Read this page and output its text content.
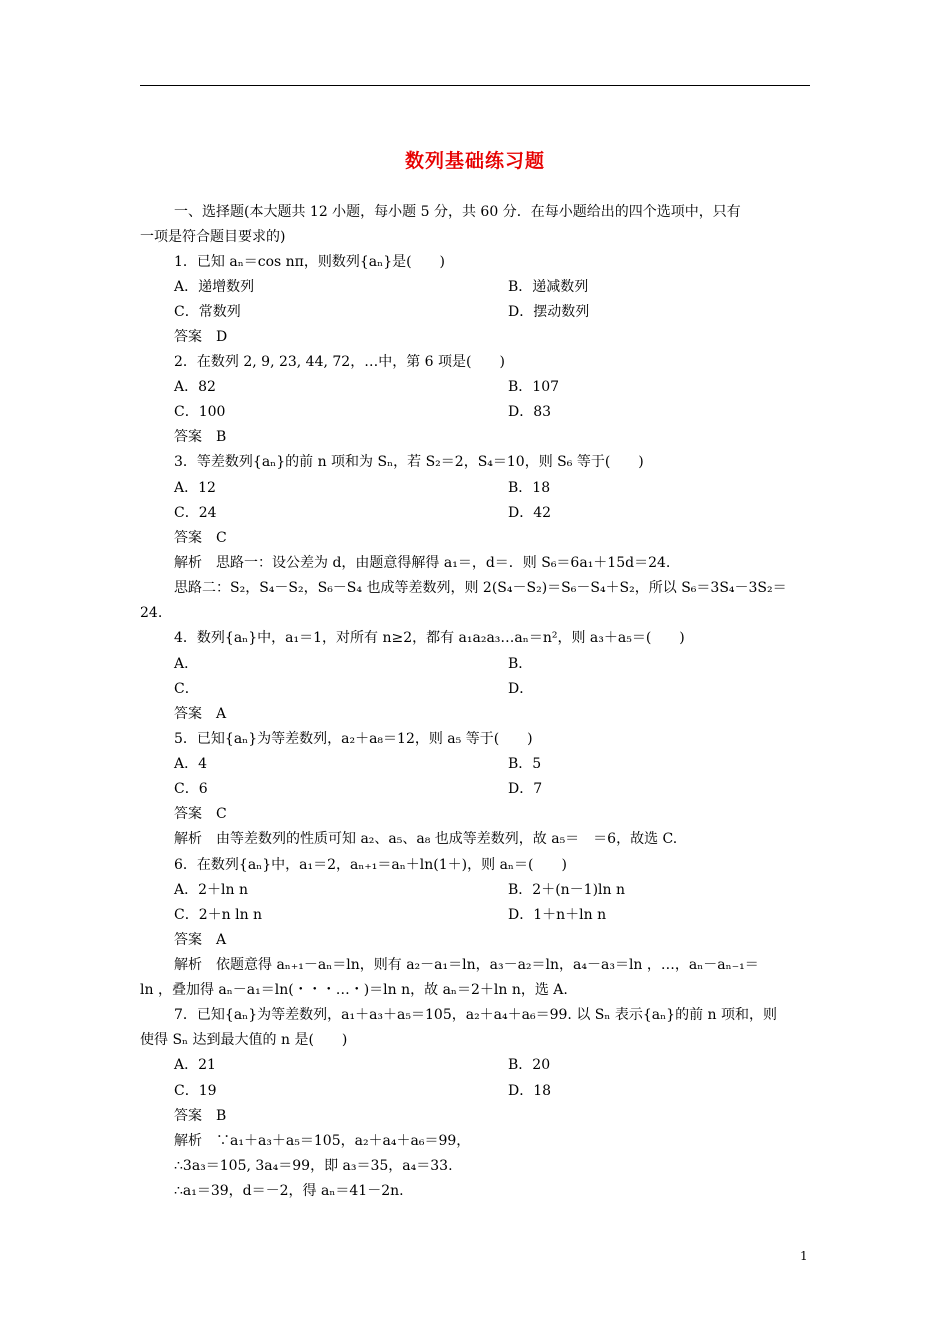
数列基础练习题
一、选择题(本大题共 12 小题，每小题 5 分，共 60 分．在每小题给出的四个选项中，只有
一项是符合题目要求的)
1．已知 aₙ＝cos nπ，则数列{aₙ}是(　　)
A．递增数列	B．递减数列
C．常数列	D．摆动数列
答案　D
2．在数列 2, 9, 23, 44, 72，…中，第 6 项是(　　)
A．82	B．107
C．100	D．83
答案　B
3．等差数列{aₙ}的前 n 项和为 Sₙ，若 S₂＝2，S₄＝10，则 S₆ 等于(　　)
A．12	B．18
C．24	D．42
答案　C
解析　思路一：设公差为 d，由题意得解得 a₁＝，d＝．则 S₆＝6a₁＋15d＝24.
思路二：S₂，S₄－S₂，S₆－S₄ 也成等差数列，则 2(S₄－S₂)＝S₆－S₄＋S₂，所以 S₆＝3S₄－3S₂＝
24.
4．数列{aₙ}中，a₁＝1，对所有 n≥2，都有 a₁a₂a₃…aₙ＝n²，则 a₃＋a₅＝(　　)
A．	B．
C．	D．
答案　A
5．已知{aₙ}为等差数列，a₂＋a₈＝12，则 a₅ 等于(　　)
A．4	B．5
C．6	D．7
答案　C
解析　由等差数列的性质可知 a₂、a₅、a₈ 也成等差数列，故 a₅＝　＝6，故选 C.
6．在数列{aₙ}中，a₁＝2，aₙ₊₁＝aₙ＋ln(1＋)，则 aₙ＝(　　)
A．2＋ln n	B．2＋(n－1)ln n
C．2＋n ln n	D．1＋n＋ln n
答案　A
解析　依题意得 aₙ₊₁－aₙ＝ln，则有 a₂－a₁＝ln，a₃－a₂＝ln，a₄－a₃＝ln ，…，aₙ－aₙ₋₁＝
ln ，叠加得 aₙ－a₁＝ln(・・・…・)＝ln n，故 aₙ＝2＋ln n，选 A.
7．已知{aₙ}为等差数列，a₁＋a₃＋a₅＝105，a₂＋a₄＋a₆＝99. 以 Sₙ 表示{aₙ}的前 n 项和，则
使得 Sₙ 达到最大值的 n 是(　　)
A．21	B．20
C．19	D．18
答案　B
解析　∵a₁＋a₃＋a₅＝105，a₂＋a₄＋a₆＝99，
∴3a₃＝105, 3a₄＝99，即 a₃＝35，a₄＝33.
∴a₁＝39，d＝－2，得 aₙ＝41－2n.
1
